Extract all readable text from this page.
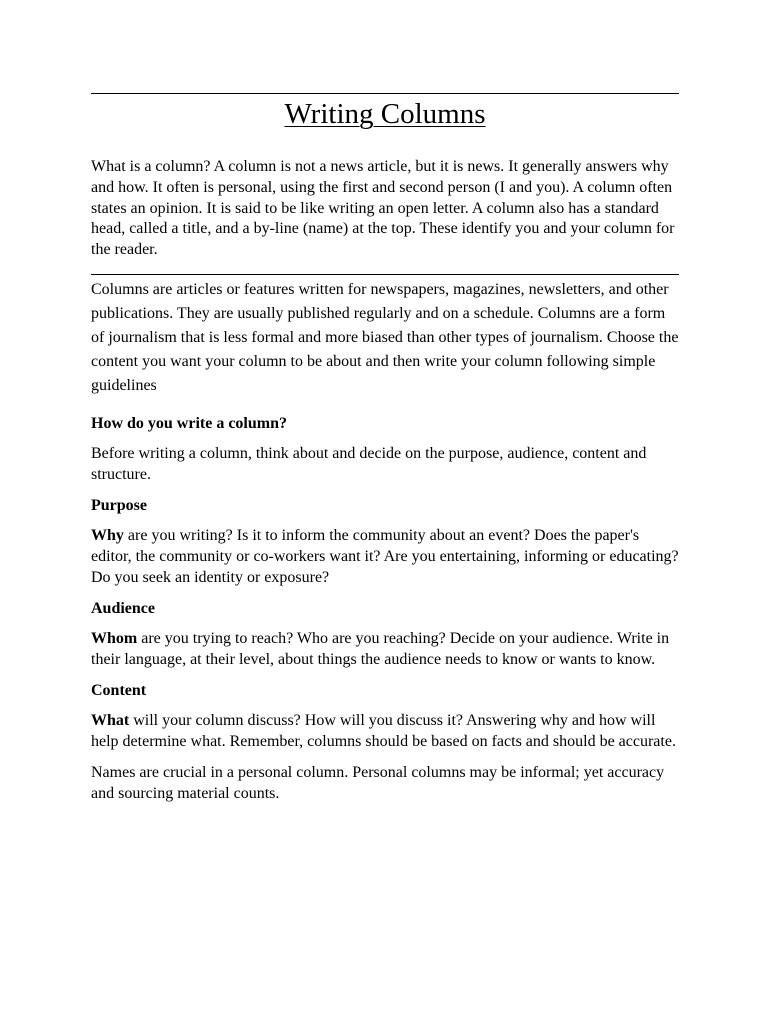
Writing Columns

What is a column? A column is not a news article, but it is news. It generally answers why and how. It often is personal, using the first and second person (I and you). A column often states an opinion. It is said to be like writing an open letter. A column also has a standard head, called a title, and a by-line (name) at the top. These identify you and your column for the reader.

Columns are articles or features written for newspapers, magazines, newsletters, and other publications. They are usually published regularly and on a schedule. Columns are a form of journalism that is less formal and more biased than other types of journalism. Choose the content you want your column to be about and then write your column following simple guidelines

How do you write a column?

Before writing a column, think about and decide on the purpose, audience, content and structure.

Purpose

Why are you writing? Is it to inform the community about an event? Does the paper's editor, the community or co-workers want it? Are you entertaining, informing or educating? Do you seek an identity or exposure?

Audience

Whom are you trying to reach? Who are you reaching? Decide on your audience. Write in their language, at their level, about things the audience needs to know or wants to know.

Content

What will your column discuss? How will you discuss it? Answering why and how will help determine what. Remember, columns should be based on facts and should be accurate.

Names are crucial in a personal column. Personal columns may be informal; yet accuracy and sourcing material counts.
